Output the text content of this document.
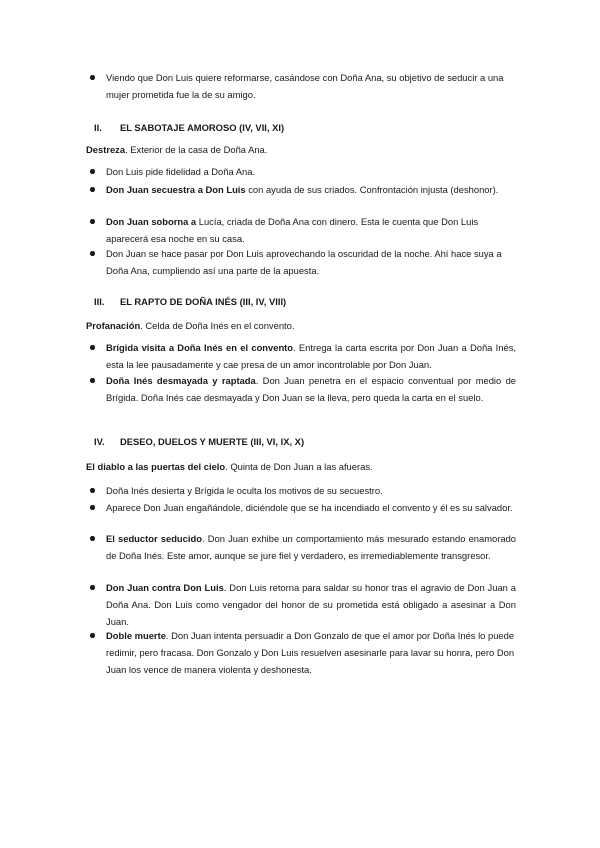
Viendo que Don Luis quiere reformarse, casándose con Doña Ana, su objetivo de seducir a una mujer prometida fue la de su amigo.
II. EL SABOTAJE AMOROSO (IV, VII, XI)
Destreza. Exterior de la casa de Doña Ana.
Don Luis pide fidelidad a Doña Ana.
Don Juan secuestra a Don Luis con ayuda de sus criados. Confrontación injusta (deshonor).
Don Juan soborna a Lucía, criada de Doña Ana con dinero. Esta le cuenta que Don Luis aparecerá esa noche en su casa.
Don Juan se hace pasar por Don Luis aprovechando la oscuridad de la noche. Ahí hace suya a Doña Ana, cumpliendo así una parte de la apuesta.
III. EL RAPTO DE DOÑA INÉS (III, IV, VIII)
Profanación. Celda de Doña Inés en el convento.
Brígida visita a Doña Inés en el convento. Entrega la carta escrita por Don Juan a Doña Inés, esta la lee pausadamente y cae presa de un amor incontrolable por Don Juan.
Doña Inés desmayada y raptada. Don Juan penetra en el espacio conventual por medio de Brígida. Doña Inés cae desmayada y Don Juan se la lleva, pero queda la carta en el suelo.
IV. DESEO, DUELOS Y MUERTE (III, VI, IX, X)
El diablo a las puertas del cielo. Quinta de Don Juan a las afueras.
Doña Inés desierta y Brígida le oculta los motivos de su secuestro.
Aparece Don Juan engañándole, diciéndole que se ha incendiado el convento y él es su salvador.
El seductor seducido. Don Juan exhibe un comportamiento más mesurado estando enamorado de Doña Inés. Este amor, aunque se jure fiel y verdadero, es irremediablemente transgresor.
Don Juan contra Don Luis. Don Luis retorna para saldar su honor tras el agravio de Don Juan a Doña Ana. Don Luis como vengador del honor de su prometida está obligado a asesinar a Don Juan.
Doble muerte. Don Juan intenta persuadir a Don Gonzalo de que el amor por Doña Inés lo puede redimir, pero fracasa. Don Gonzalo y Don Luis resuelven asesinarle para lavar su honra, pero Don Juan los vence de manera violenta y deshonesta.
